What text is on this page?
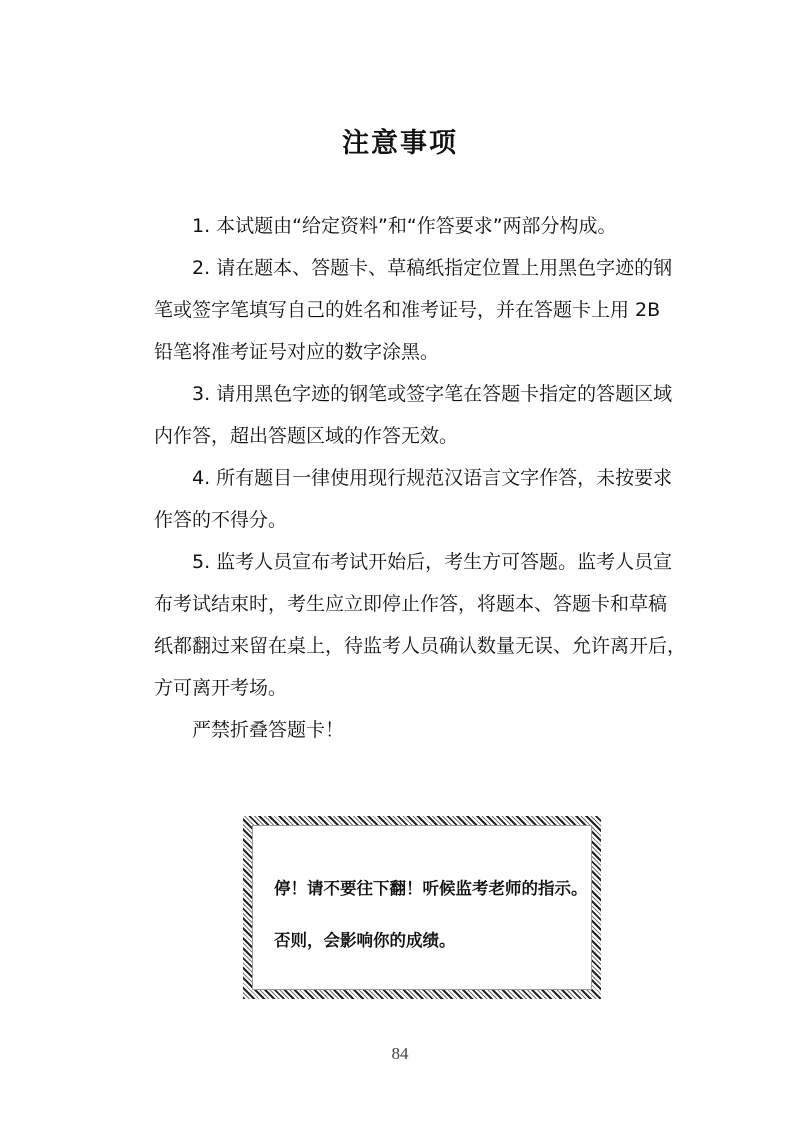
注意事项
1. 本试题由“给定资料”和“作答要求”两部分构成。
2. 请在题本、答题卡、草稿纸指定位置上用黑色字迹的钢
笔或签字笔填写自己的姓名和准考证号，并在答题卡上用 2B
铅笔将准考证号对应的数字涂黑。
3. 请用黑色字迹的钢笔或签字笔在答题卡指定的答题区域
内作答，超出答题区域的作答无效。
4. 所有题目一律使用现行规范汉语言文字作答，未按要求
作答的不得分。
5. 监考人员宣布考试开始后，考生方可答题。监考人员宣
布考试结束时，考生应立即停止作答，将题本、答题卡和草稿
纸都翻过来留在桌上，待监考人员确认数量无误、允许离开后，
方可离开考场。
严禁折叠答题卡！
停！请不要往下翻！听候监考老师的指示。
否则，会影响你的成绩。
84
